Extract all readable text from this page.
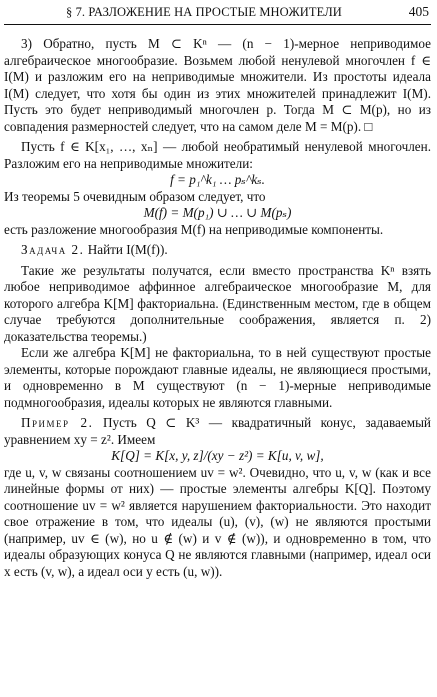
§ 7. РАЗЛОЖЕНИЕ НА ПРОСТЫЕ МНОЖИТЕЛИ	405

3) Обратно, пусть M ⊂ Kⁿ — (n − 1)-мерное неприводимое алгебраическое многообразие. Возьмем любой ненулевой многочлен f ∈ I(M) и разложим его на неприводимые множители. Из простоты идеала I(M) следует, что хотя бы один из этих множителей принадлежит I(M). Пусть это будет неприводимый многочлен p. Тогда M ⊂ M(p), но из совпадения размерностей следует, что на самом деле M = M(p). □

Пусть f ∈ K[x₁, …, xₙ] — любой необратимый ненулевой многочлен. Разложим его на неприводимые множители:

f = p₁^k₁ … pₛ^kₛ.

Из теоремы 5 очевидным образом следует, что

M(f) = M(p₁) ∪ … ∪ M(pₛ)

есть разложение многообразия M(f) на неприводимые компоненты.

Задача 2. Найти I(M(f)).

Такие же результаты получатся, если вместо пространства Kⁿ взять любое неприводимое аффинное алгебраическое многообразие M, для которого алгебра K[M] факториальна. (Единственным местом, где в общем случае требуются дополнительные соображения, является п. 2) доказательства теоремы.)

Если же алгебра K[M] не факториальна, то в ней существуют простые элементы, которые порождают главные идеалы, не являющиеся простыми, и одновременно в M существуют (n − 1)-мерные неприводимые подмногообразия, идеалы которых не являются главными.

Пример 2. Пусть Q ⊂ K³ — квадратичный конус, задаваемый уравнением xy = z². Имеем

K[Q] = K[x, y, z]/(xy − z²) = K[u, v, w],

где u, v, w связаны соотношением uv = w². Очевидно, что u, v, w (как и все линейные формы от них) — простые элементы алгебры K[Q]. Поэтому соотношение uv = w² является нарушением факториальности. Это находит свое отражение в том, что идеалы (u), (v), (w) не являются простыми (например, uv ∈ (w), но u ∉ (w) и v ∉ (w)), и одновременно в том, что идеалы образующих конуса Q не являются главными (например, идеал оси x есть (v, w), а идеал оси y есть (u, w)).
